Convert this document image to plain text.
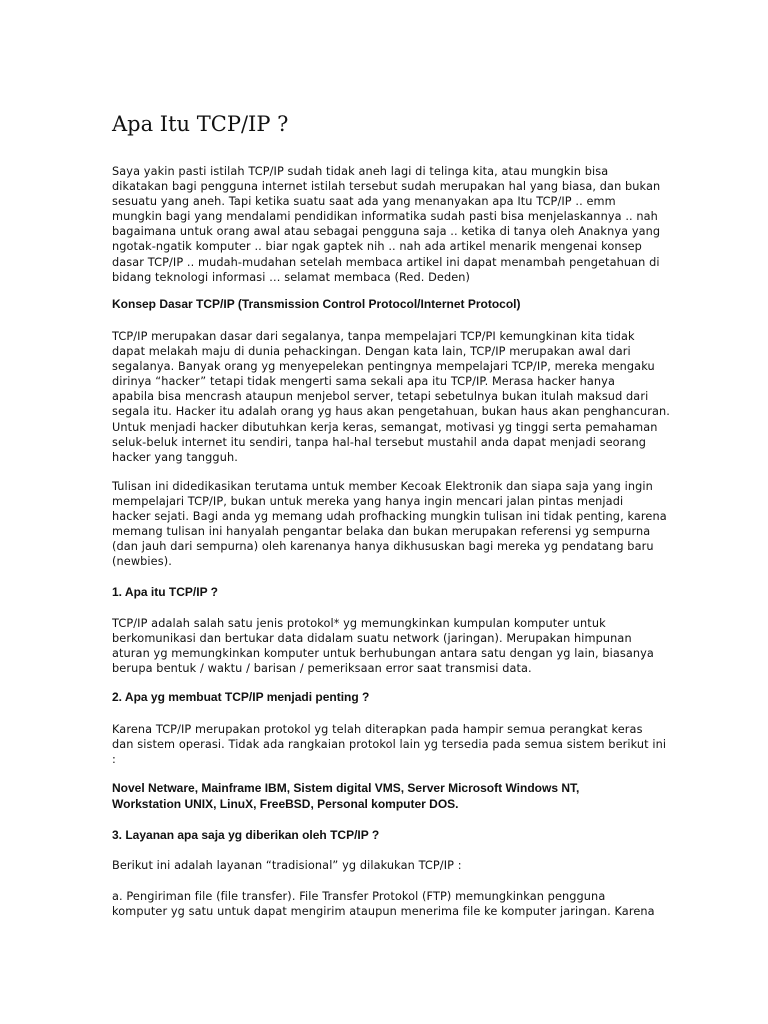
Apa Itu TCP/IP ?

Saya yakin pasti istilah TCP/IP sudah tidak aneh lagi di telinga kita, atau mungkin bisa
dikatakan bagi pengguna internet istilah tersebut sudah merupakan hal yang biasa, dan bukan
sesuatu yang aneh. Tapi ketika suatu saat ada yang menanyakan apa Itu TCP/IP .. emm
mungkin bagi yang mendalami pendidikan informatika sudah pasti bisa menjelaskannya .. nah
bagaimana untuk orang awal atau sebagai pengguna saja .. ketika di tanya oleh Anaknya yang
ngotak-ngatik komputer .. biar ngak gaptek nih .. nah ada artikel menarik mengenai konsep
dasar TCP/IP .. mudah-mudahan setelah membaca artikel ini dapat menambah pengetahuan di
bidang teknologi informasi … selamat membaca (Red. Deden)

Konsep Dasar TCP/IP (Transmission Control Protocol/Internet Protocol)

TCP/IP merupakan dasar dari segalanya, tanpa mempelajari TCP/PI kemungkinan kita tidak
dapat melakah maju di dunia pehackingan. Dengan kata lain, TCP/IP merupakan awal dari
segalanya. Banyak orang yg menyepelekan pentingnya mempelajari TCP/IP, mereka mengaku
dirinya “hacker” tetapi tidak mengerti sama sekali apa itu TCP/IP. Merasa hacker hanya
apabila bisa mencrash ataupun menjebol server, tetapi sebetulnya bukan itulah maksud dari
segala itu. Hacker itu adalah orang yg haus akan pengetahuan, bukan haus akan penghancuran.
Untuk menjadi hacker dibutuhkan kerja keras, semangat, motivasi yg tinggi serta pemahaman
seluk-beluk internet itu sendiri, tanpa hal-hal tersebut mustahil anda dapat menjadi seorang
hacker yang tangguh.

Tulisan ini didedikasikan terutama untuk member Kecoak Elektronik dan siapa saja yang ingin
mempelajari TCP/IP, bukan untuk mereka yang hanya ingin mencari jalan pintas menjadi
hacker sejati. Bagi anda yg memang udah profhacking mungkin tulisan ini tidak penting, karena
memang tulisan ini hanyalah pengantar belaka dan bukan merupakan referensi yg sempurna
(dan jauh dari sempurna) oleh karenanya hanya dikhususkan bagi mereka yg pendatang baru
(newbies).

1. Apa itu TCP/IP ?

TCP/IP adalah salah satu jenis protokol* yg memungkinkan kumpulan komputer untuk
berkomunikasi dan bertukar data didalam suatu network (jaringan). Merupakan himpunan
aturan yg memungkinkan komputer untuk berhubungan antara satu dengan yg lain, biasanya
berupa bentuk / waktu / barisan / pemeriksaan error saat transmisi data.

2. Apa yg membuat TCP/IP menjadi penting ?

Karena TCP/IP merupakan protokol yg telah diterapkan pada hampir semua perangkat keras
dan sistem operasi. Tidak ada rangkaian protokol lain yg tersedia pada semua sistem berikut ini
:

Novel Netware, Mainframe IBM, Sistem digital VMS, Server Microsoft Windows NT,
Workstation UNIX, LinuX, FreeBSD, Personal komputer DOS.
3. Layanan apa saja yg diberikan oleh TCP/IP ?

Berikut ini adalah layanan “tradisional” yg dilakukan TCP/IP :

a. Pengiriman file (file transfer). File Transfer Protokol (FTP) memungkinkan pengguna
komputer yg satu untuk dapat mengirim ataupun menerima file ke komputer jaringan. Karena
